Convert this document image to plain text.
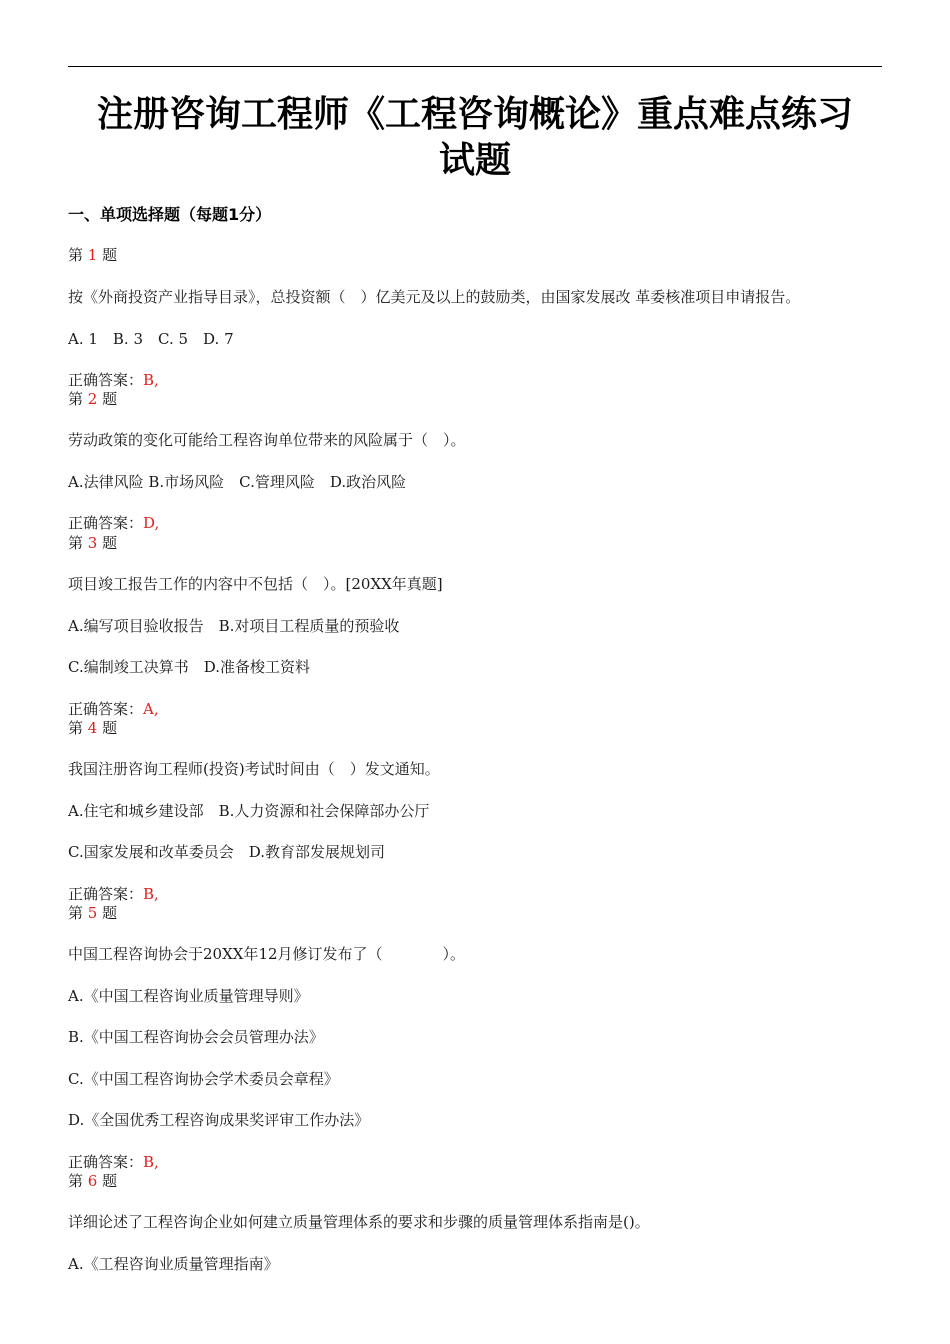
注册咨询工程师《工程咨询概论》重点难点练习
试题
一、单项选择题（每题1分）
第 1 题
按《外商投资产业指导目录》，总投资额（　）亿美元及以上的鼓励类，由国家发展改 革委核准项目申请报告。
A. 1　B. 3　C. 5　D. 7
正确答案：B,
第 2 题
劳动政策的变化可能给工程咨询单位带来的风险属于（　）。
A.法律风险 B.市场风险　C.管理风险　D.政治风险
正确答案：D,
第 3 题
项目竣工报告工作的内容中不包括（　）。[20XX年真题]
A.编写项目验收报告　B.对项目工程质量的预验收
C.编制竣工决算书　D.准备梭工资料
正确答案：A,
第 4 题
我国注册咨询工程师(投资)考试时间由（　）发文通知。
A.住宅和城乡建设部　B.人力资源和社会保障部办公厅
C.国家发展和改革委员会　D.教育部发展规划司
正确答案：B,
第 5 题
中国工程咨询协会于20XX年12月修订发布了（　　　　）。
A.《中国工程咨询业质量管理导则》
B.《中国工程咨询协会会员管理办法》
C.《中国工程咨询协会学术委员会章程》
D.《全国优秀工程咨询成果奖评审工作办法》
正确答案：B,
第 6 题
详细论述了工程咨询企业如何建立质量管理体系的要求和步骤的质量管理体系指南是()。
A.《工程咨询业质量管理指南》
